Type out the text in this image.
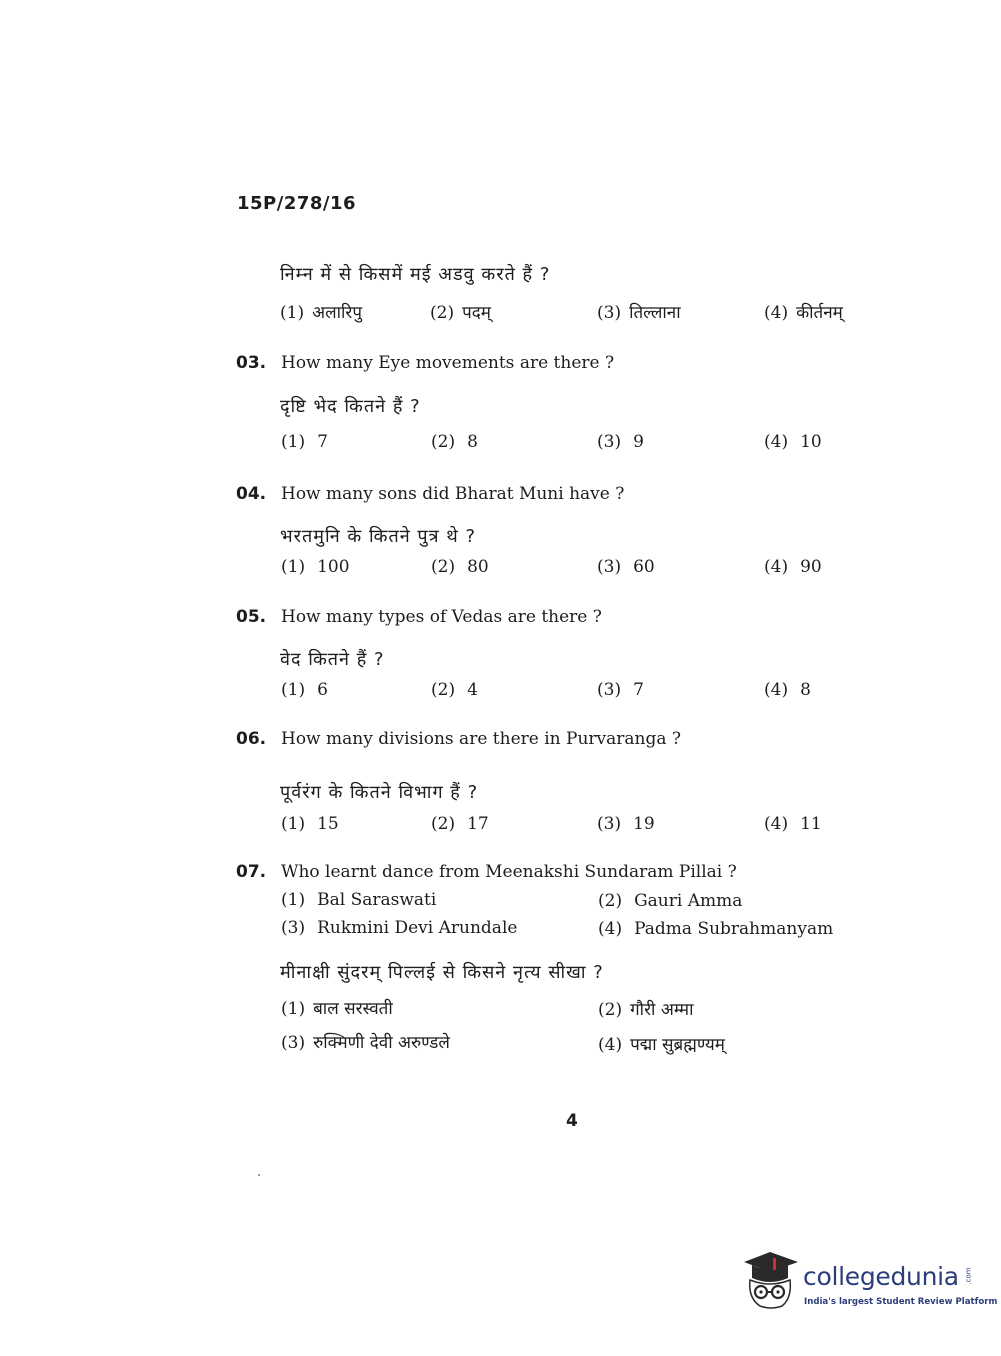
15P/278/16
निम्न में से किसमें मई अडवु करते हैं ?
(1) अलारिपु	(2) पदम्	(3) तिल्लाना	(4) कीर्तनम्
03. How many Eye movements are there ?
दृष्टि भेद कितने हैं ?
(1) 7	(2) 8	(3) 9	(4) 10
04. How many sons did Bharat Muni have ?
भरतमुनि के कितने पुत्र थे ?
(1) 100	(2) 80	(3) 60	(4) 90
05. How many types of Vedas are there ?
वेद कितने हैं ?
(1) 6	(2) 4	(3) 7	(4) 8
06. How many divisions are there in Purvaranga ?
पूर्वरंग के कितने विभाग हैं ?
(1) 15	(2) 17	(3) 19	(4) 11
07. Who learnt dance from Meenakshi Sundaram Pillai ?
(1) Bal Saraswati	(2) Gauri Amma
(3) Rukmini Devi Arundale	(4) Padma Subrahmanyam
मीनाक्षी सुंदरम् पिल्लई से किसने नृत्य सीखा ?
(1) बाल सरस्वती	(2) गौरी अम्मा
(3) रुक्मिणी देवी अरुण्डले	(4) पद्मा सुब्रह्मण्यम्
4
collegedunia .com
India's largest Student Review Platform
